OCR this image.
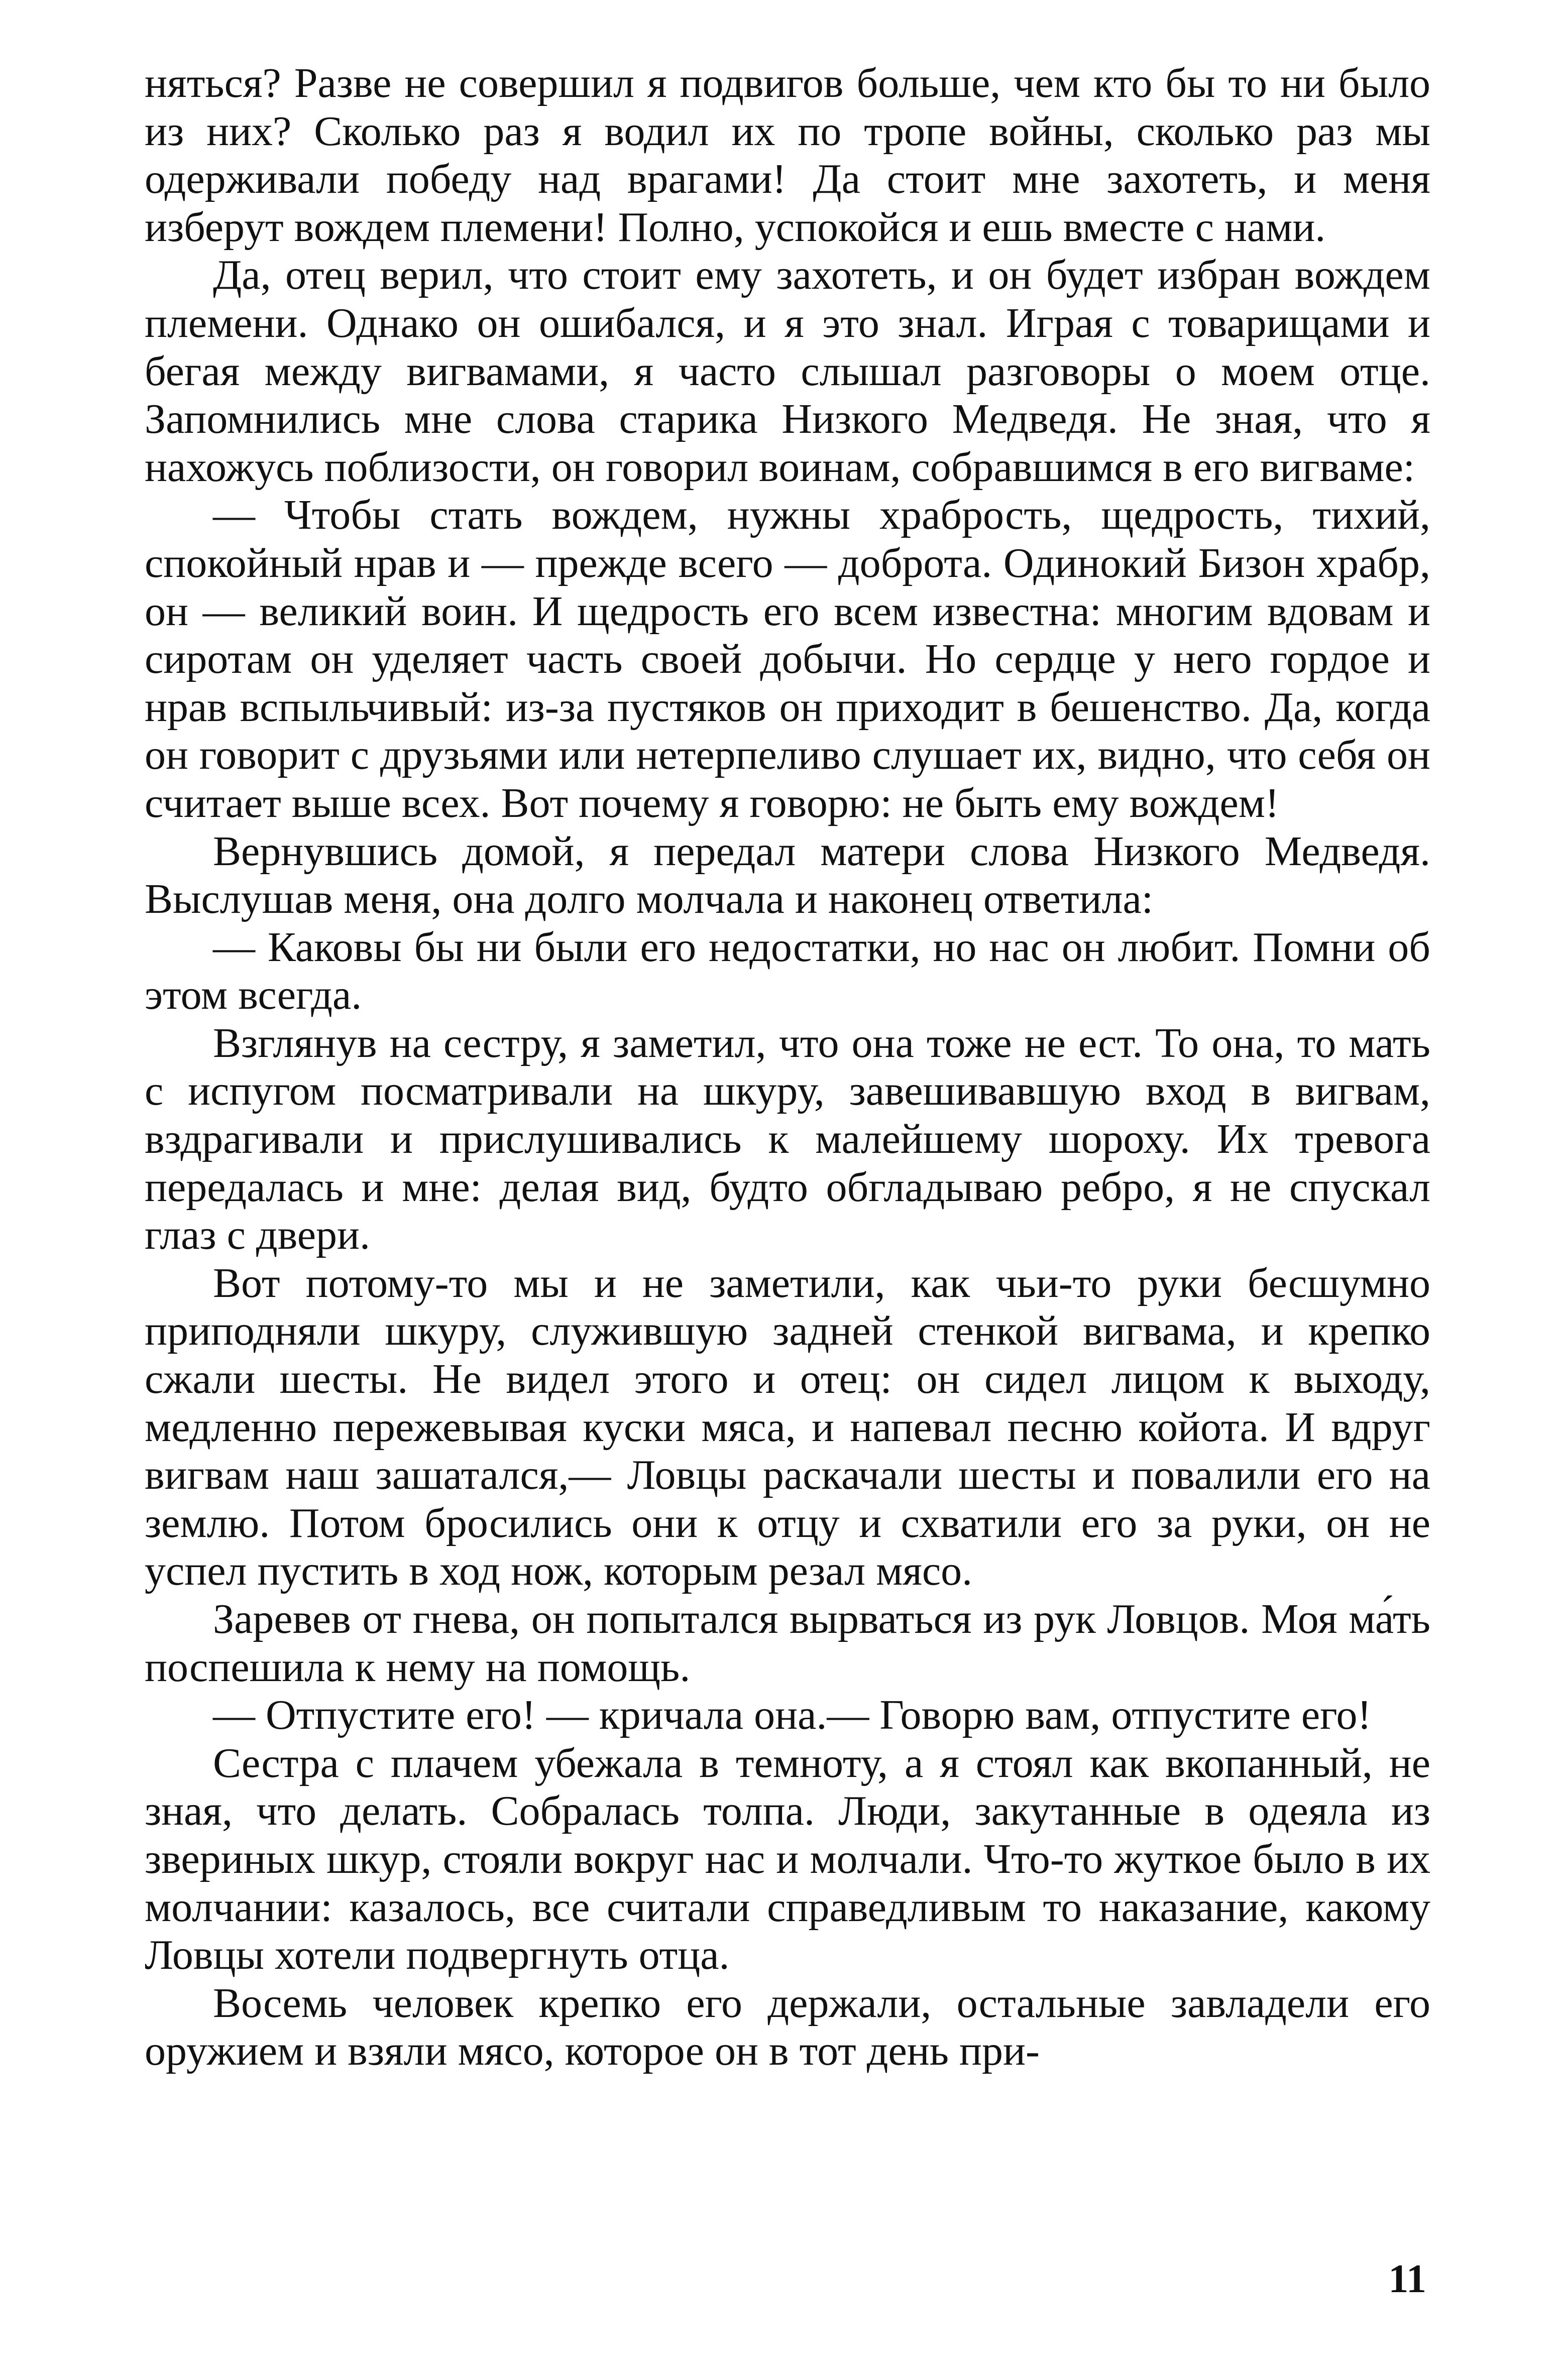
няться? Разве не совершил я подвигов больше, чем кто бы то ни было из них? Сколько раз я водил их по тропе войны, сколько раз мы одерживали победу над врагами! Да стоит мне захотеть, и меня изберут вождем племени! Полно, успокойся и ешь вместе с нами.

Да, отец верил, что стоит ему захотеть, и он будет избран вождем племени. Однако он ошибался, и я это знал. Играя с товарищами и бегая между вигвамами, я часто слышал разговоры о моем отце. Запомнились мне слова старика Низкого Медведя. Не зная, что я нахожусь поблизости, он говорил воинам, собравшимся в его вигваме:

— Чтобы стать вождем, нужны храбрость, щедрость, тихий, спокойный нрав и — прежде всего — доброта. Одинокий Бизон храбр, он — великий воин. И щедрость его всем известна: многим вдовам и сиротам он уделяет часть своей добычи. Но сердце у него гордое и нрав вспыльчивый: из-за пустяков он приходит в бешенство. Да, когда он говорит с друзьями или нетерпеливо слушает их, видно, что себя он считает выше всех. Вот почему я говорю: не быть ему вождем!

Вернувшись домой, я передал матери слова Низкого Медведя. Выслушав меня, она долго молчала и наконец ответила:

— Каковы бы ни были его недостатки, но нас он любит. Помни об этом всегда.

Взглянув на сестру, я заметил, что она тоже не ест. То она, то мать с испугом посматривали на шкуру, завешивавшую вход в вигвам, вздрагивали и прислушивались к малейшему шороху. Их тревога передалась и мне: делая вид, будто обгладываю ребро, я не спускал глаз с двери.

Вот потому-то мы и не заметили, как чьи-то руки бесшумно приподняли шкуру, служившую задней стенкой вигвама, и крепко сжали шесты. Не видел этого и отец: он сидел лицом к выходу, медленно пережевывая куски мяса, и напевал песню койота. И вдруг вигвам наш зашатался,— Ловцы раскачали шесты и повалили его на землю. Потом бросились они к отцу и схватили его за руки, он не успел пустить в ход нож, которым резал мясо.

Заревев от гнева, он попытался вырваться из рук Ловцов. Моя ма́ть поспешила к нему на помощь.

— Отпустите его! — кричала она.— Говорю вам, отпустите его!

Сестра с плачем убежала в темноту, а я стоял как вкопанный, не зная, что делать. Собралась толпа. Люди, закутанные в одеяла из звериных шкур, стояли вокруг нас и молчали. Что-то жуткое было в их молчании: казалось, все считали справедливым то наказание, какому Ловцы хотели подвергнуть отца.

Восемь человек крепко его держали, остальные завладели его оружием и взяли мясо, которое он в тот день при-

11
